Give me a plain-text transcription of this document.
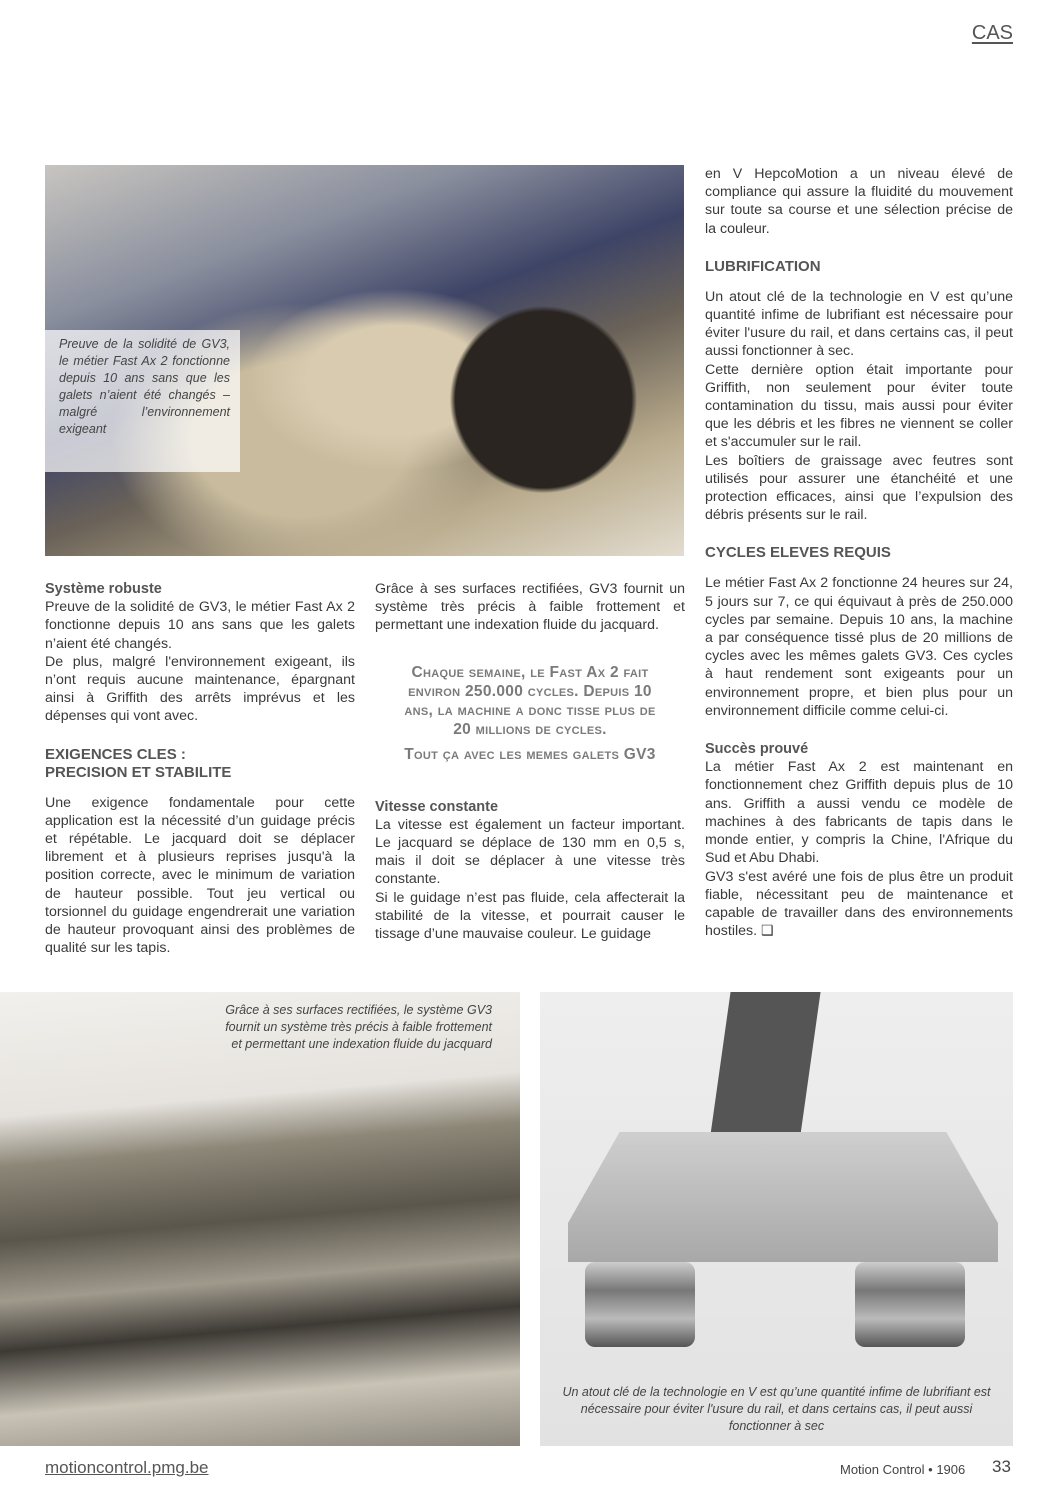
CAS
Preuve de la solidité de GV3, le métier Fast Ax 2 fonctionne depuis 10 ans sans que les galets n’aient été changés – malgré l’environnement exigeant

Système robuste

Preuve de la solidité de GV3, le métier Fast Ax 2 fonctionne depuis 10 ans sans que les galets n’aient été changés.

De plus, malgré l'environnement exigeant, ils n’ont requis aucune maintenance, épargnant ainsi à Griffith des arrêts imprévus et les dépenses qui vont avec.

EXIGENCES CLES :

PRECISION ET STABILITE

Une exigence fondamentale pour cette application est la nécessité d’un guidage précis et répétable. Le jacquard doit se déplacer librement et à plusieurs reprises jusqu'à la position correcte, avec le minimum de variation de hauteur possible. Tout jeu vertical ou torsionnel du guidage engendrerait une variation de hauteur provoquant ainsi des problèmes de qualité sur les tapis.

Grâce à ses surfaces rectifiées, GV3 fournit un système très précis à faible frottement et permettant une indexation fluide du jacquard.

Chaque semaine, le Fast Ax 2 fait environ 250.000 cycles. Depuis 10 ans, la machine a donc tisse plus de 20 millions de cycles.

Tout ça avec les memes galets GV3

Vitesse constante

La vitesse est également un facteur important. Le jacquard se déplace de 130 mm en 0,5 s, mais il doit se déplacer à une vitesse très constante.

Si le guidage n’est pas fluide, cela affecterait la stabilité de la vitesse, et pourrait causer le tissage d’une mauvaise couleur. Le guidage

en V HepcoMotion a un niveau élevé de compliance qui assure la fluidité du mouvement sur toute sa course et une sélection précise de la couleur.

LUBRIFICATION

Un atout clé de la technologie en V est qu’une quantité infime de lubrifiant est nécessaire pour éviter l'usure du rail, et dans certains cas, il peut aussi fonctionner à sec.

Cette dernière option était importante pour Griffith, non seulement pour éviter toute contamination du tissu, mais aussi pour éviter que les débris et les fibres ne viennent se coller et s'accumuler sur le rail.

Les boîtiers de graissage avec feutres sont utilisés pour assurer une étanchéité et une protection efficaces, ainsi que l’expulsion des débris présents sur le rail.

CYCLES ELEVES REQUIS

Le métier Fast Ax 2 fonctionne 24 heures sur 24, 5 jours sur 7, ce qui équivaut à près de 250.000 cycles par semaine. Depuis 10 ans, la machine a par conséquence tissé plus de 20 millions de cycles avec les mêmes galets GV3. Ces cycles à haut rendement sont exigeants pour un environnement propre, et bien plus pour un environnement difficile comme celui-ci.

Succès prouvé

La métier Fast Ax 2 est maintenant en fonctionnement chez Griffith depuis plus de 10 ans. Griffith a aussi vendu ce modèle de machines à des fabricants de tapis dans le monde entier, y compris la Chine, l'Afrique du Sud et Abu Dhabi.

GV3 s'est avéré une fois de plus être un produit fiable, nécessitant peu de maintenance et capable de travailler dans des environnements hostiles. ❑

Grâce à ses surfaces rectifiées, le système GV3 fournit un système très précis à faible frottement et permettant une indexation fluide du jacquard
Un atout clé de la technologie en V est qu’une quantité infime de lubrifiant est nécessaire pour éviter l'usure du rail, et dans certains cas, il peut aussi fonctionner à sec
motioncontrol.pmg.be	Motion Control • 1906 33
